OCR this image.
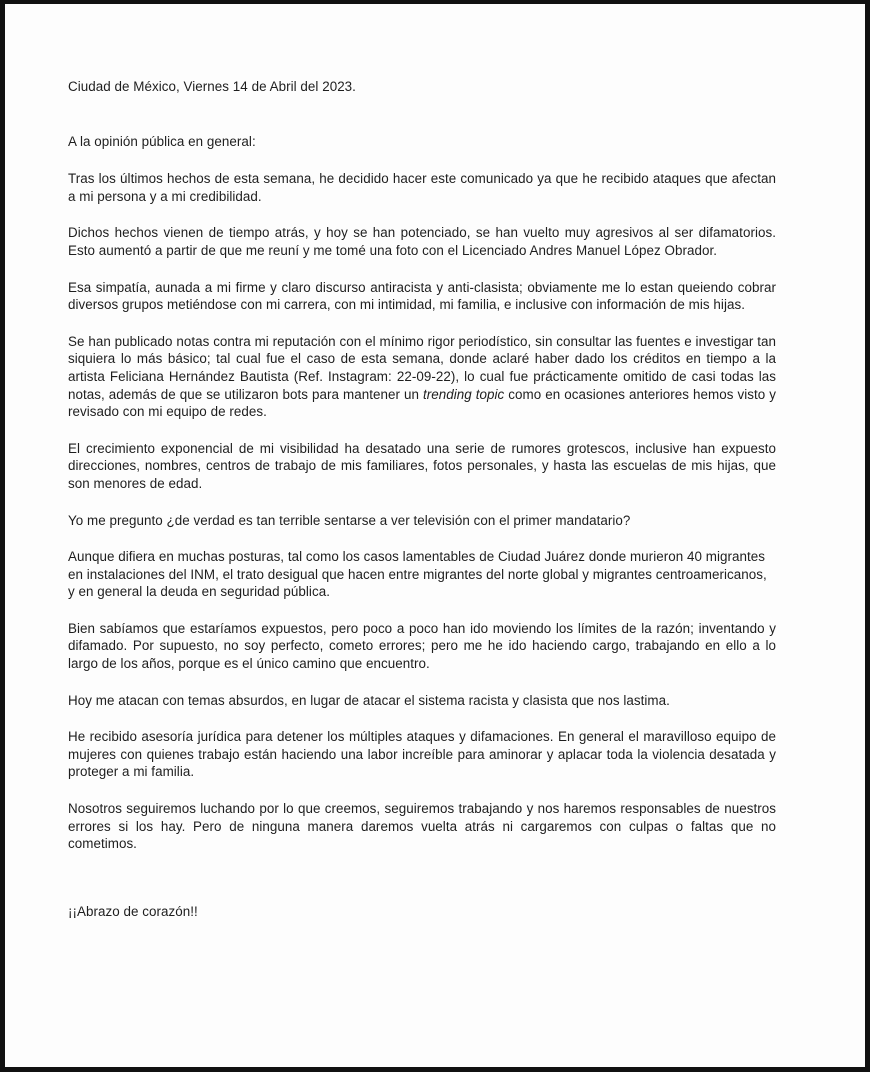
Ciudad de México, Viernes 14 de Abril del 2023.

A la opinión pública en general:

Tras los últimos hechos de esta semana, he decidido hacer este comunicado ya que he recibido ataques que afectan a mi persona y a mi credibilidad.

Dichos hechos vienen de tiempo atrás, y hoy se han potenciado, se han vuelto muy agresivos al ser difamatorios. Esto aumentó a partir de que me reuní y me tomé una foto con el Licenciado Andres Manuel López Obrador.

Esa simpatía, aunada a mi firme y claro discurso antiracista y anti-clasista; obviamente me lo estan queiendo cobrar diversos grupos metiéndose con mi carrera, con mi intimidad, mi familia, e inclusive con información de mis hijas.

Se han publicado notas contra mi reputación con el mínimo rigor periodístico, sin consultar las fuentes e investigar tan siquiera lo más básico; tal cual fue el caso de esta semana, donde aclaré haber dado los créditos en tiempo a la artista Feliciana Hernández Bautista (Ref. Instagram: 22-09-22), lo cual fue prácticamente omitido de casi todas las notas, además de que se utilizaron bots para mantener un trending topic como en ocasiones anteriores hemos visto y revisado con mi equipo de redes.

El crecimiento exponencial de mi visibilidad ha desatado una serie de rumores grotescos, inclusive han expuesto direcciones, nombres, centros de trabajo de mis familiares, fotos personales, y hasta las escuelas de mis hijas, que son menores de edad.

Yo me pregunto ¿de verdad es tan terrible sentarse a ver televisión con el primer mandatario?

Aunque difiera en muchas posturas, tal como los casos lamentables de Ciudad Juárez donde murieron 40 migrantes en instalaciones del INM, el trato desigual que hacen entre migrantes del norte global y migrantes centroamericanos, y en general la deuda en seguridad pública.

Bien sabíamos que estaríamos expuestos, pero poco a poco han ido moviendo los límites de la razón; inventando y difamado. Por supuesto, no soy perfecto, cometo errores; pero me he ido haciendo cargo, trabajando en ello a lo largo de los años, porque es el único camino que encuentro.

Hoy me atacan con temas absurdos, en lugar de atacar el sistema racista y clasista que nos lastima.

He recibido asesoría jurídica para detener los múltiples ataques y difamaciones. En general el maravilloso equipo de mujeres con quienes trabajo están haciendo una labor increíble para aminorar y aplacar toda la violencia desatada y proteger a mi familia.

Nosotros seguiremos luchando por lo que creemos, seguiremos trabajando y nos haremos responsables de nuestros errores si los hay. Pero de ninguna manera daremos vuelta atrás ni cargaremos con culpas o faltas que no cometimos.

¡¡Abrazo de corazón!!
